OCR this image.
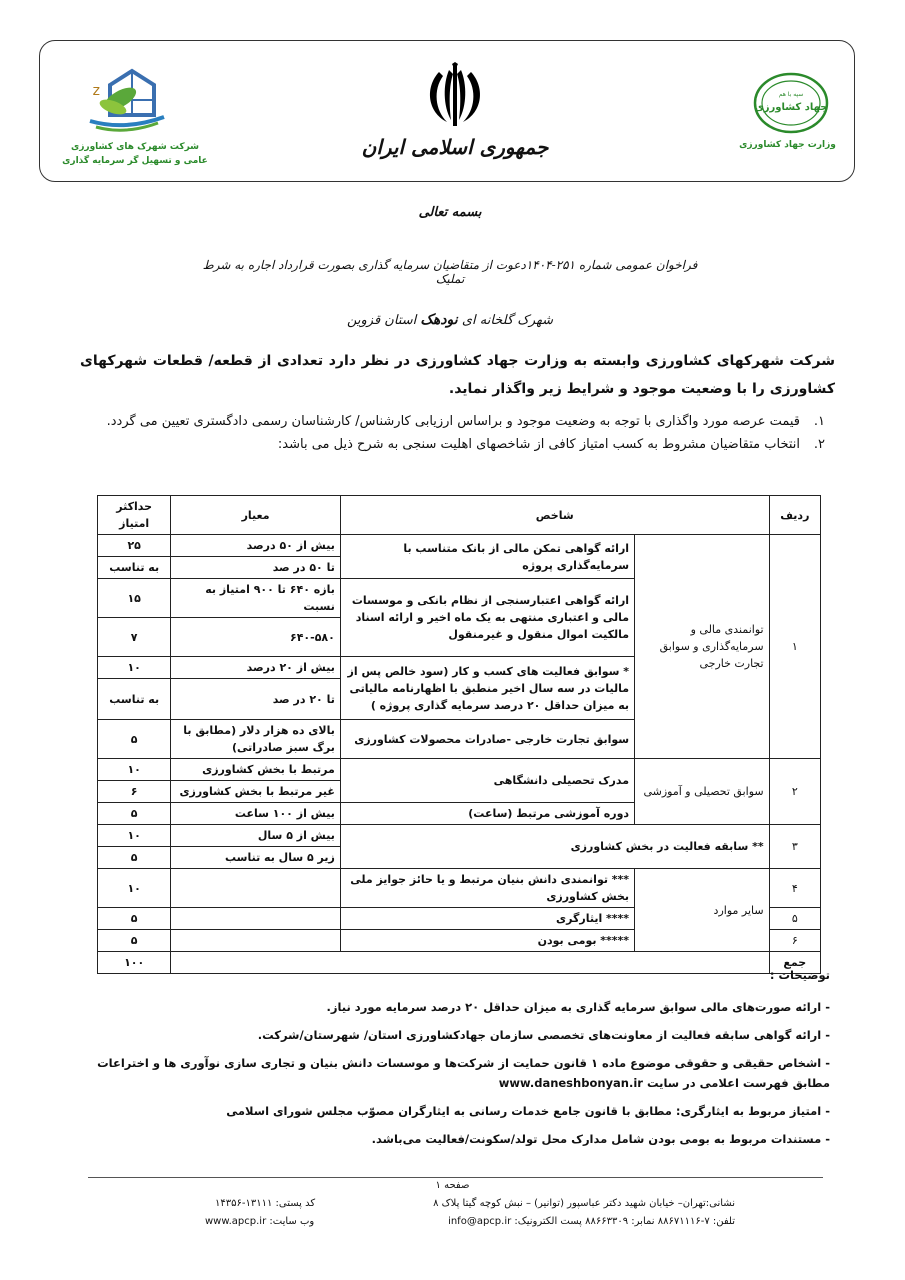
z
شرکت شهرک های کشاورزی
عامی و تسهیل گر سرمایه گذاری
جمهوری اسلامی ایران
سپه با هم
جهاد کشاورزی
وزارت جهاد کشاورزی
بسمه تعالی
فراخوان عمومی شماره ۲۵۱-۱۴۰۴دعوت از متقاضیان سرمایه گذاری بصورت قرارداد اجاره به شرط تملیک
شهرک گلخانه ای نودهک استان قزوین
شرکت شهرکهای کشاورزی وابسته به وزارت جهاد کشاورزی در نظر دارد تعدادی از قطعه/ قطعات شهرکهای کشاورزی را با وضعیت موجود و شرایط زیر واگذار نماید.
۱.
قیمت عرصه مورد واگذاری با توجه به وضعیت موجود و براساس ارزیابی کارشناس/ کارشناسان رسمی دادگستری تعیین می گردد.
۲.
انتخاب متقاضیان مشروط به کسب امتیاز کافی از شاخصهای اهلیت سنجی به شرح ذیل می باشد:
ردیف	شاخص		معیار	حداکثر امتیاز
۱	توانمندی مالی و سرمایه‌گذاری و سوابق تجارت خارجی	ارائه گواهی تمکن مالی از بانک متناسب با سرمایه‌گذاری پروژه	بیش از ۵۰ درصد	۲۵
			تا ۵۰ در صد	به تناسب
		ارائه گواهی اعتبارسنجی از نظام بانکی و موسسات مالی و اعتباری منتهی به یک ماه اخیر و ارائه اسناد مالکیت اموال منقول و غیرمنقول	بازه ۶۴۰ تا ۹۰۰ امتیاز به نسبت	۱۵
			۶۴۰-۵۸۰	۷
		* سوابق فعالیت های کسب و کار (سود خالص پس از مالیات در سه سال اخیر منطبق با اظهارنامه مالیاتی به میزان حداقل ۲۰ درصد سرمایه گذاری پروژه )	بیش از ۲۰ درصد	۱۰
			تا ۲۰ در صد	به تناسب
		سوابق تجارت خارجی -صادرات محصولات کشاورزی	بالای ده هزار دلار (مطابق با برگ سبز صادراتی)	۵

۲	سوابق تحصیلی و آموزشی	مدرک تحصیلی دانشگاهی	مرتبط با بخش کشاورزی	۱۰
			غیر مرتبط با بخش کشاورزی	۶
		دوره آموزشی مرتبط (ساعت)	بیش از ۱۰۰ ساعت	۵
۳	** سابقه فعالیت در بخش کشاورزی		بیش از ۵ سال	۱۰
			زیر ۵ سال به تناسب	۵
۴	سایر موارد	*** توانمندی دانش بنیان مرتبط و یا حائز جوایز ملی بخش کشاورزی		۱۰
۵		**** ایثارگری		۵
۶		***** بومی بودن		۵
جمع				۱۰۰
توضیحات :
- ارائه صورت‌های مالی سوابق سرمایه گذاری به میزان حداقل ۲۰ درصد سرمایه مورد نیاز.
- ارائه گواهی سابقه فعالیت از معاونت‌های تخصصی سازمان جهادکشاورزی استان/ شهرستان/شرکت.
- اشخاص حقیقی و حقوقی موضوع ماده ۱ قانون حمایت از شرکت‌ها و موسسات دانش بنیان و تجاری سازی نوآوری ها و اختراعات مطابق فهرست اعلامی در سایت www.daneshbonyan.ir
- امتیاز مربوط به ایثارگری: مطابق با قانون جامع خدمات رسانی به ایثارگران مصوّب مجلس شورای اسلامی
- مستندات مربوط به بومی بودن شامل مدارک محل تولد/سکونت/فعالیت می‌باشد.
صفحه ۱
نشانی:تهران– خیابان شهید دکتر عباسپور (توانیر) – نبش کوچه گیتا پلاک ۸
کد پستی: ۱۳۱۱۱-۱۴۳۵۶
تلفن: ۷-۸۸۶۷۱۱۱۶ نمابر: ۸۸۶۶۳۳۰۹ پست الکترونیک: info@apcp.ir
وب سایت: www.apcp.ir
